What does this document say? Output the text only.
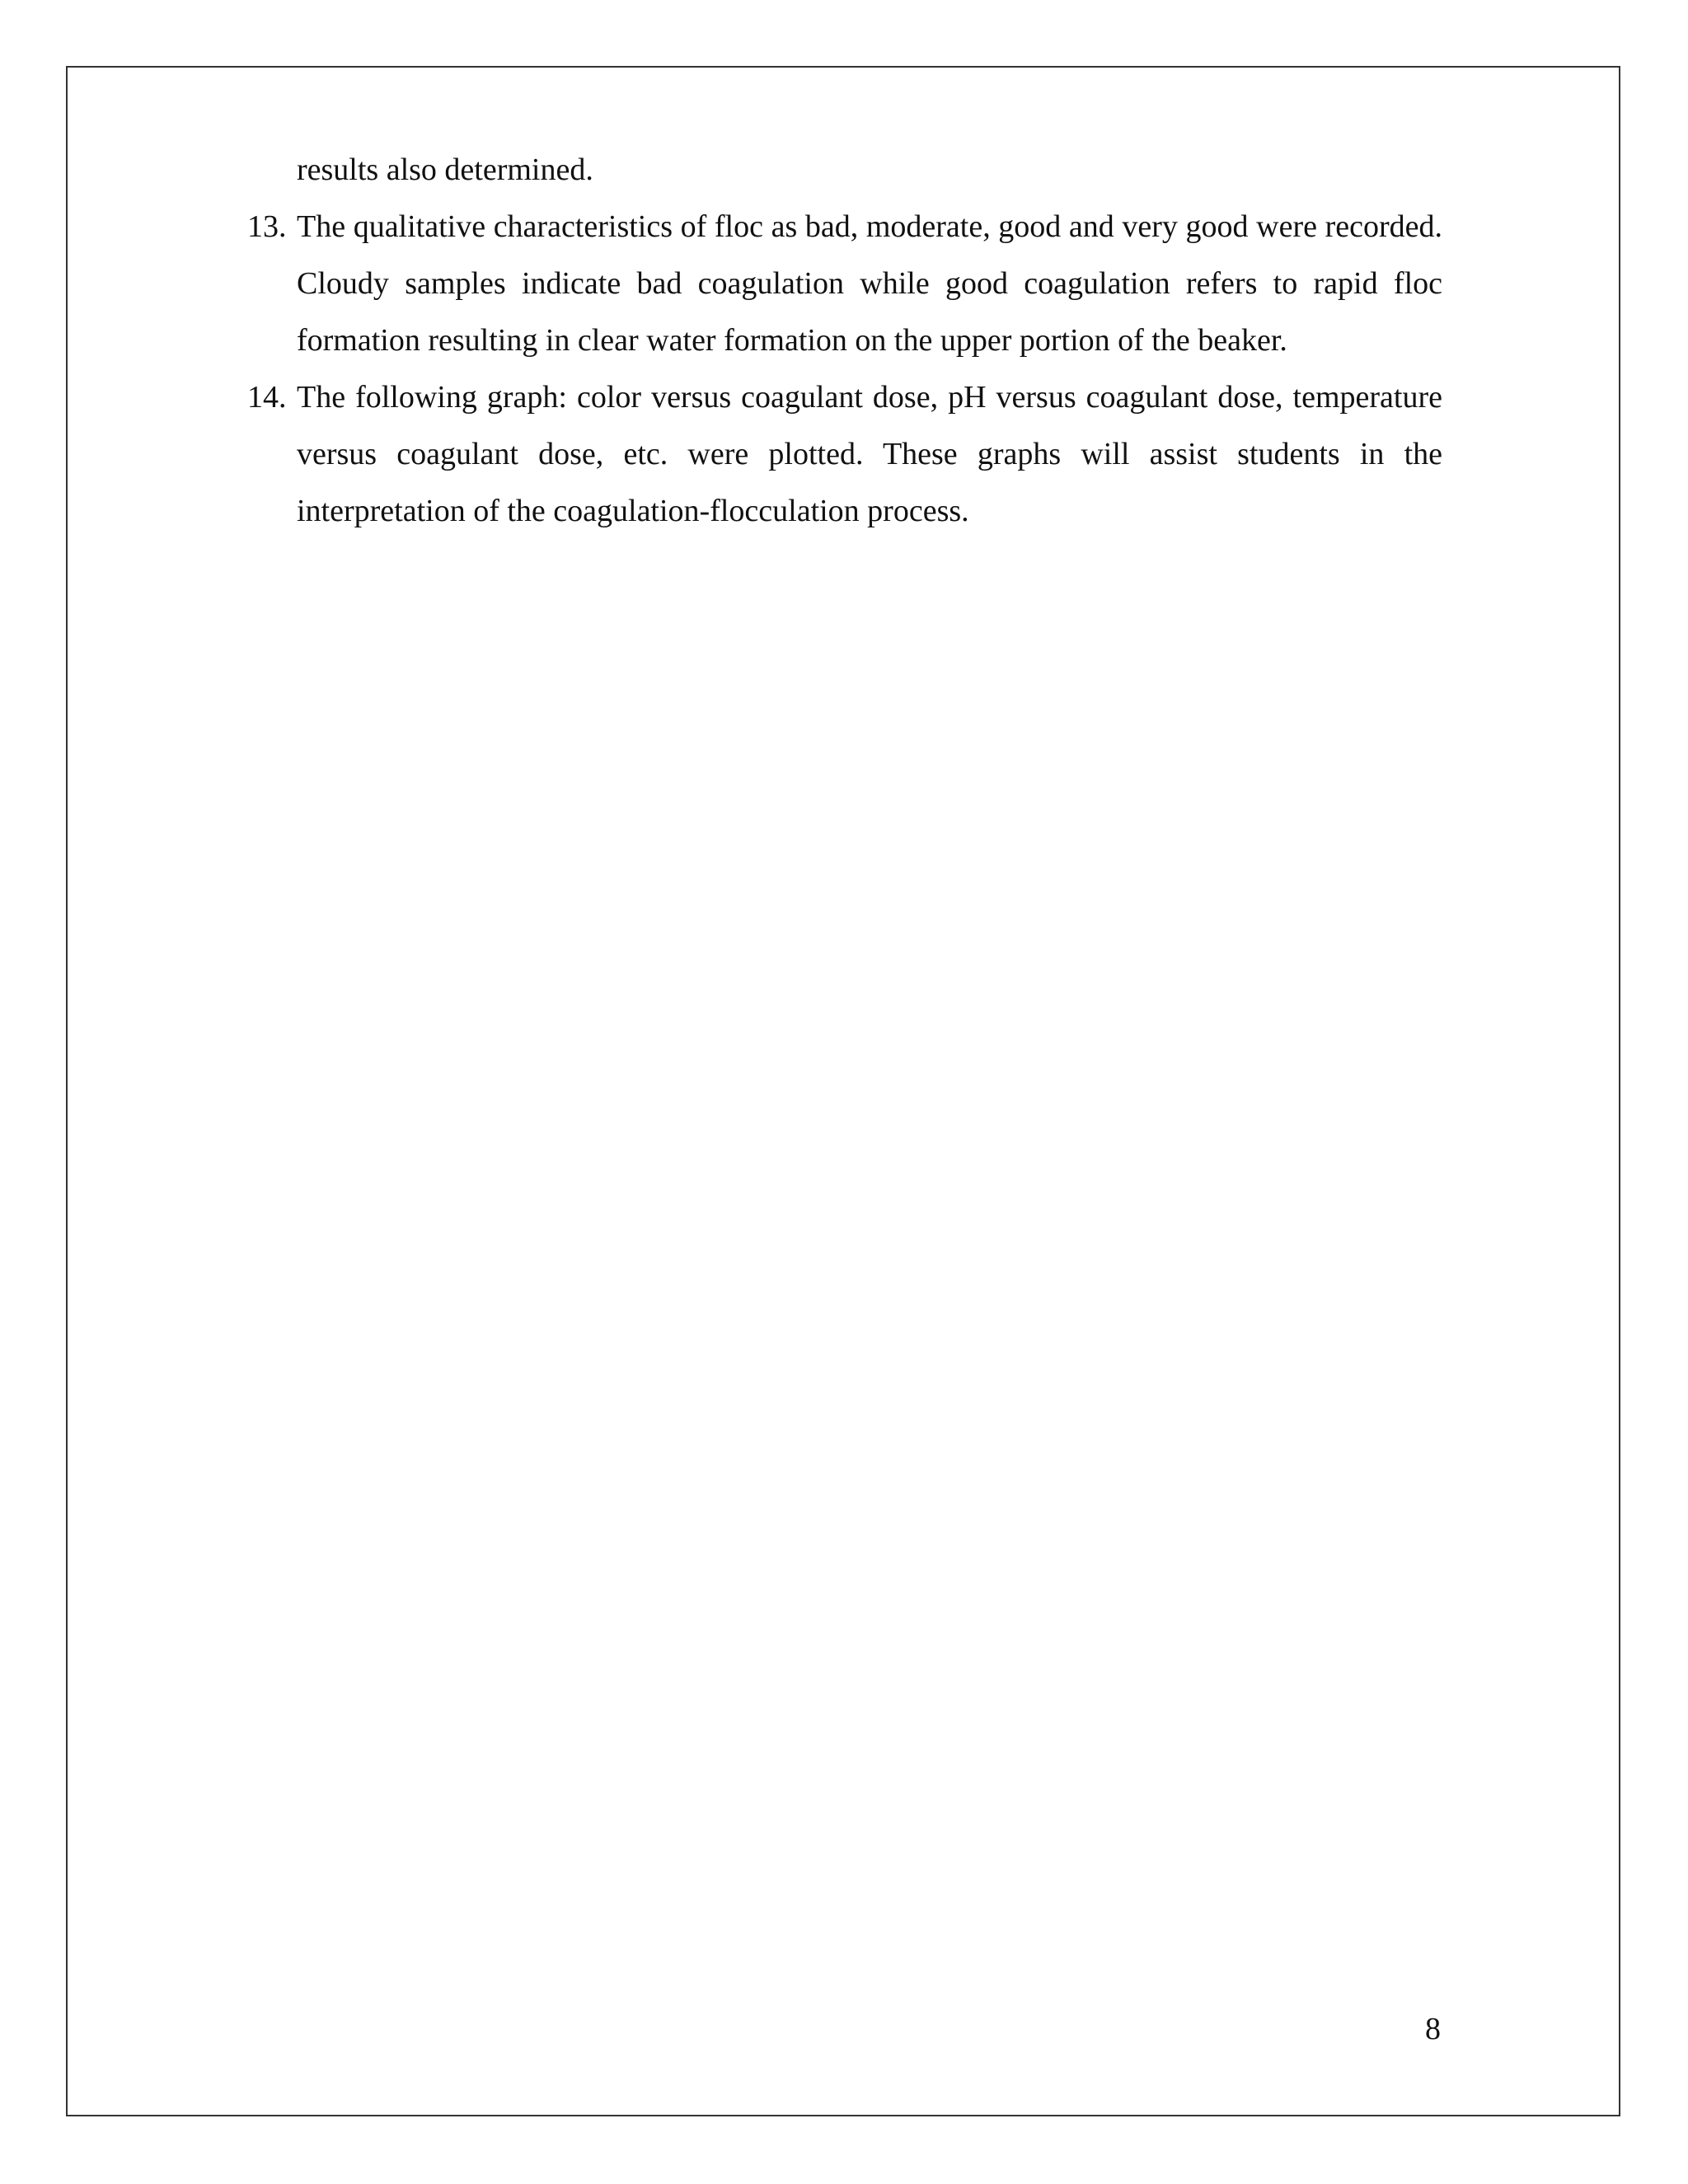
results also determined.

13. The qualitative characteristics of floc as bad, moderate, good and very good were recorded. Cloudy samples indicate bad coagulation while good coagulation refers to rapid floc formation resulting in clear water formation on the upper portion of the beaker.

14. The following graph: color versus coagulant dose, pH versus coagulant dose, temperature versus coagulant dose, etc. were plotted. These graphs will assist students in the interpretation of the coagulation-flocculation process.

8
